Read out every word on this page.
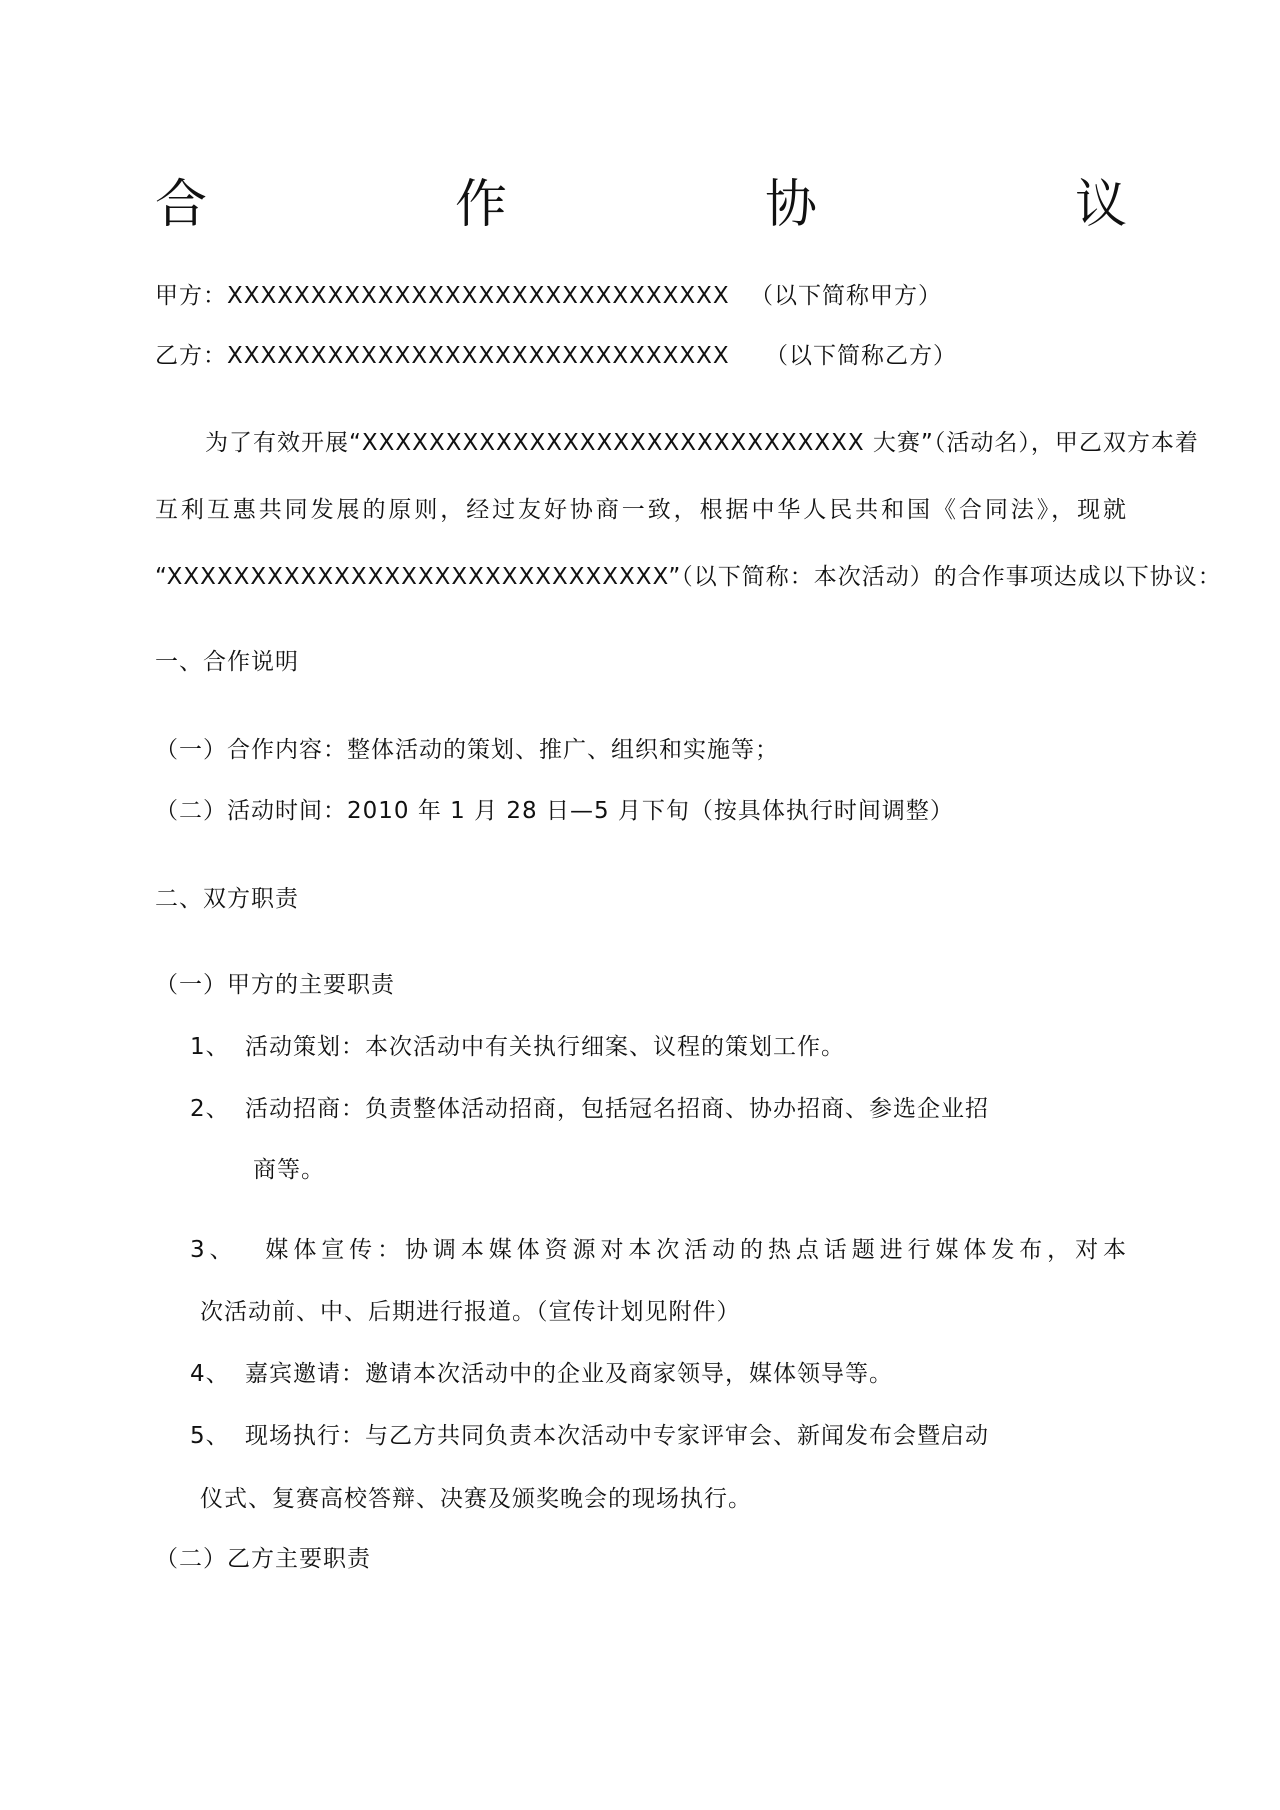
合	作	协	议
甲方：XXXXXXXXXXXXXXXXXXXXXXXXXXXXXX （以下简称甲方）
乙方：XXXXXXXXXXXXXXXXXXXXXXXXXXXXXX （以下简称乙方）
为了有效开展“XXXXXXXXXXXXXXXXXXXXXXXXXXXXXX 大赛”（活动名），甲乙双方本着
互利互惠共同发展的原则，经过友好协商一致，根据中华人民共和国《合同法》，现就
“XXXXXXXXXXXXXXXXXXXXXXXXXXXXXX”（以下简称：本次活动）的合作事项达成以下协议：
一、合作说明
（一）合作内容：整体活动的策划、推广、组织和实施等；
（二）活动时间：2010 年 1 月 28 日—5 月下旬（按具体执行时间调整）
二、双方职责
（一）甲方的主要职责
1、 活动策划：本次活动中有关执行细案、议程的策划工作。
2、 活动招商：负责整体活动招商，包括冠名招商、协办招商、参选企业招
商等。
3、 媒体宣传：协调本媒体资源对本次活动的热点话题进行媒体发布，对本
次活动前、中、后期进行报道。（宣传计划见附件）
4、 嘉宾邀请：邀请本次活动中的企业及商家领导，媒体领导等。
5、 现场执行：与乙方共同负责本次活动中专家评审会、新闻发布会暨启动
仪式、复赛高校答辩、决赛及颁奖晚会的现场执行。
（二）乙方主要职责
